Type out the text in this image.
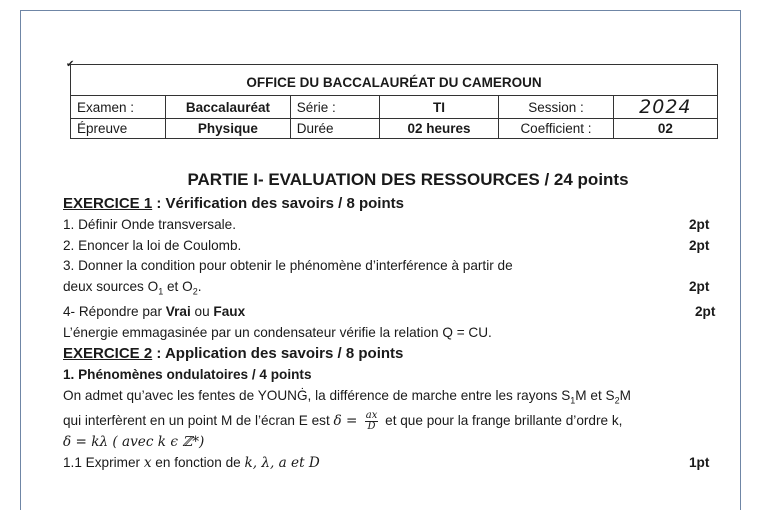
✔
OFFICE DU BACCALAURÉAT DU CAMEROUN					
Examen :	Baccalauréat	Série :	TI	Session :	2024
Épreuve	Physique	Durée	02 heures	Coefficient :	02
PARTIE I- EVALUATION DES RESSOURCES / 24 points
EXERCICE 1 : Vérification des savoirs / 8 points
1. Définir Onde transversale.	2pt
2. Enoncer la loi de Coulomb.	2pt
3. Donner la condition pour obtenir le phénomène d’interférence à partir de
deux sources $O_1$ et $O_2$.	2pt
4- Répondre par Vrai ou Faux	2pt
L’énergie emmagasinée par un condensateur vérifie la relation Q = CU.
EXERCICE 2 : Application des savoirs / 8 points
1. Phénomènes ondulatoires / 4 points
On admet qu’avec les fentes de YOUNĠ, la différence de marche entre les rayons $S_1M$ et $S_2M$
qui interfèrent en un point M de l’écran E est $\delta = \frac{ax}{D}$ et que pour la frange brillante d’ordre k,
δ = kλ ( avec k ϵ ℤ*)
1.1 Exprimer x en fonction de k, λ, a et D	1pt
